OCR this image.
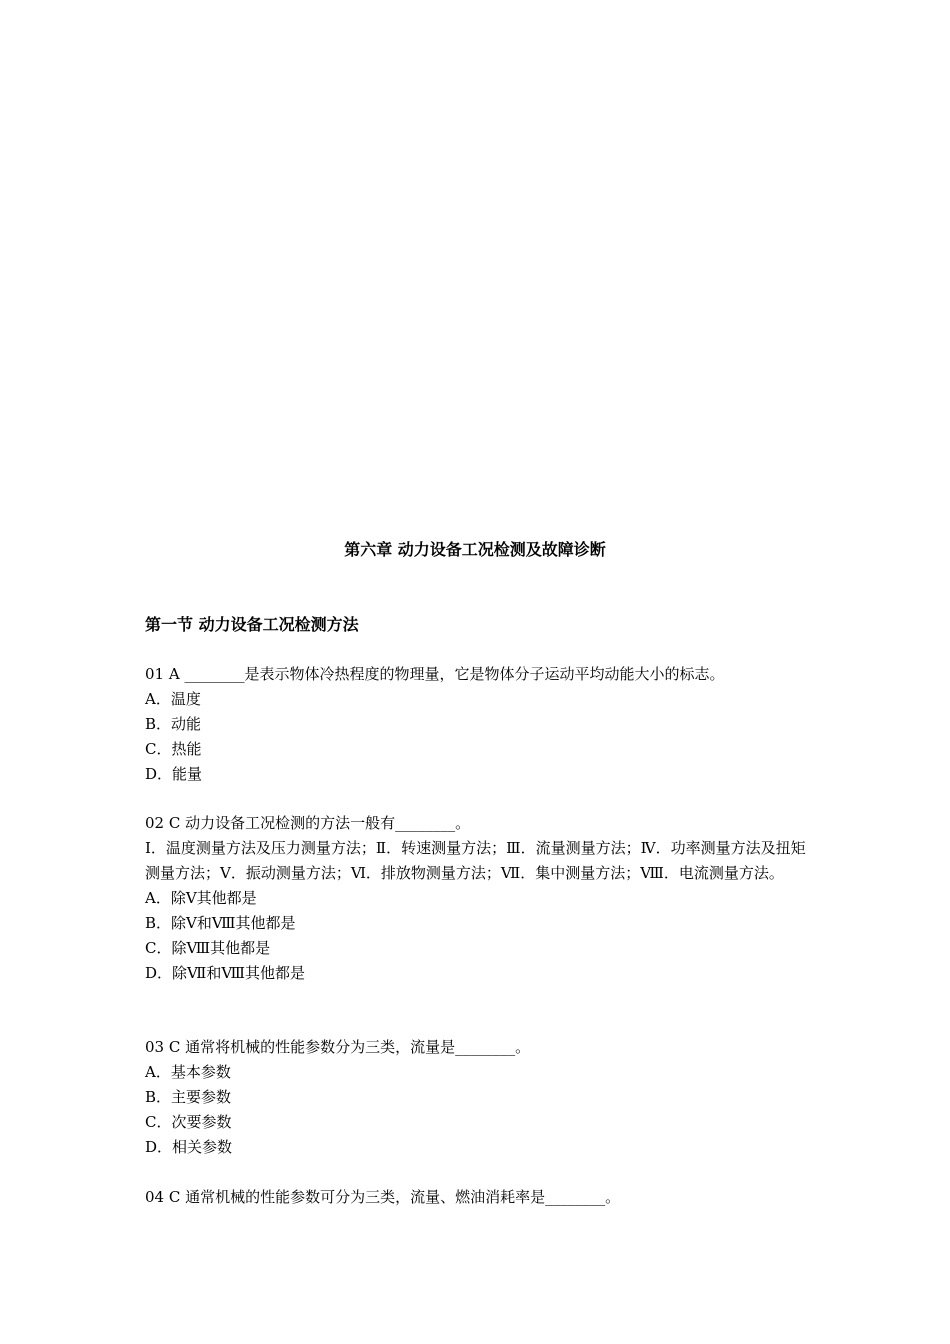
第六章 动力设备工况检测及故障诊断
第一节 动力设备工况检测方法

01 A ________是表示物体冷热程度的物理量，它是物体分子运动平均动能大小的标志。

A．温度

B．动能

C．热能

D．能量

02 C 动力设备工况检测的方法一般有________。

Ⅰ．温度测量方法及压力测量方法；Ⅱ．转速测量方法；Ⅲ．流量测量方法；Ⅳ．功率测量方法及扭矩测量方法；Ⅴ．振动测量方法；Ⅵ．排放物测量方法；Ⅶ．集中测量方法；Ⅷ．电流测量方法。

A．除Ⅴ其他都是

B．除Ⅴ和Ⅷ其他都是

C．除Ⅷ其他都是

D．除Ⅶ和Ⅷ其他都是

03 C 通常将机械的性能参数分为三类，流量是________。

A．基本参数

B．主要参数

C．次要参数

D．相关参数

04 C 通常机械的性能参数可分为三类，流量、燃油消耗率是________。
